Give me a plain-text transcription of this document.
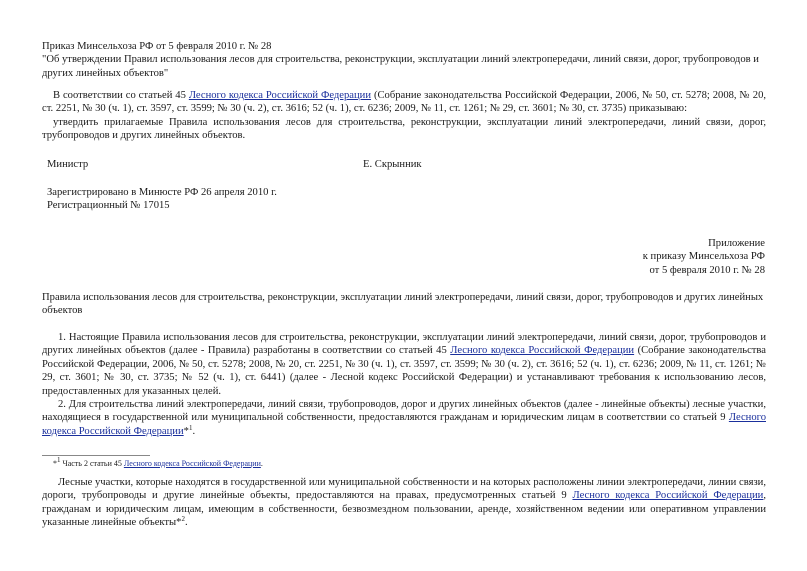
Приказ Минсельхоза РФ от 5 февраля 2010 г. № 28
"Об утверждении Правил использования лесов для строительства, реконструкции, эксплуатации линий электропередачи, линий связи, дорог, трубопроводов и других линейных объектов"

В соответствии со статьей 45 Лесного кодекса Российской Федерации (Собрание законодательства Российской Федерации, 2006, № 50, ст. 5278; 2008, № 20, ст. 2251, № 30 (ч. 1), ст. 3597, ст. 3599; № 30 (ч. 2), ст. 3616; 52 (ч. 1), ст. 6236; 2009, № 11, ст. 1261; № 29, ст. 3601; № 30, ст. 3735) приказываю:

утвердить прилагаемые Правила использования лесов для строительства, реконструкции, эксплуатации линий электропередачи, линий связи, дорог, трубопроводов и других линейных объектов.

Министр	Е. Скрынник

Зарегистрировано в Минюсте РФ 26 апреля 2010 г.
Регистрационный № 17015

Приложение
к приказу Минсельхоза РФ
от 5 февраля 2010 г. № 28

Правила использования лесов для строительства, реконструкции, эксплуатации линий электропередачи, линий связи, дорог, трубопроводов и других линейных объектов

1. Настоящие Правила использования лесов для строительства, реконструкции, эксплуатации линий электропередачи, линий связи, дорог, трубопроводов и других линейных объектов (далее - Правила) разработаны в соответствии со статьей 45 Лесного кодекса Российской Федерации (Собрание законодательства Российской Федерации, 2006, № 50, ст. 5278; 2008, № 20, ст. 2251, № 30 (ч. 1), ст. 3597, ст. 3599; № 30 (ч. 2), ст. 3616; 52 (ч. 1), ст. 6236; 2009, № 11, ст. 1261; № 29, ст. 3601; № 30, ст. 3735; № 52 (ч. 1), ст. 6441) (далее - Лесной кодекс Российской Федерации) и устанавливают требования к использованию лесов, предоставленных для указанных целей.

2. Для строительства линий электропередачи, линий связи, трубопроводов, дорог и других линейных объектов (далее - линейные объекты) лесные участки, находящиеся в государственной или муниципальной собственности, предоставляются гражданам и юридическим лицам в соответствии со статьей 9 Лесного кодекса Российской Федерации*$^1$.

*$^1$ Часть 2 статьи 45 Лесного кодекса Российской Федерации.

Лесные участки, которые находятся в государственной или муниципальной собственности и на которых расположены линии электропередачи, линии связи, дороги, трубопроводы и другие линейные объекты, предоставляются на правах, предусмотренных статьей 9 Лесного кодекса Российской Федерации, гражданам и юридическим лицам, имеющим в собственности, безвозмездном пользовании, аренде, хозяйственном ведении или оперативном управлении указанные линейные объекты*$^2$.
